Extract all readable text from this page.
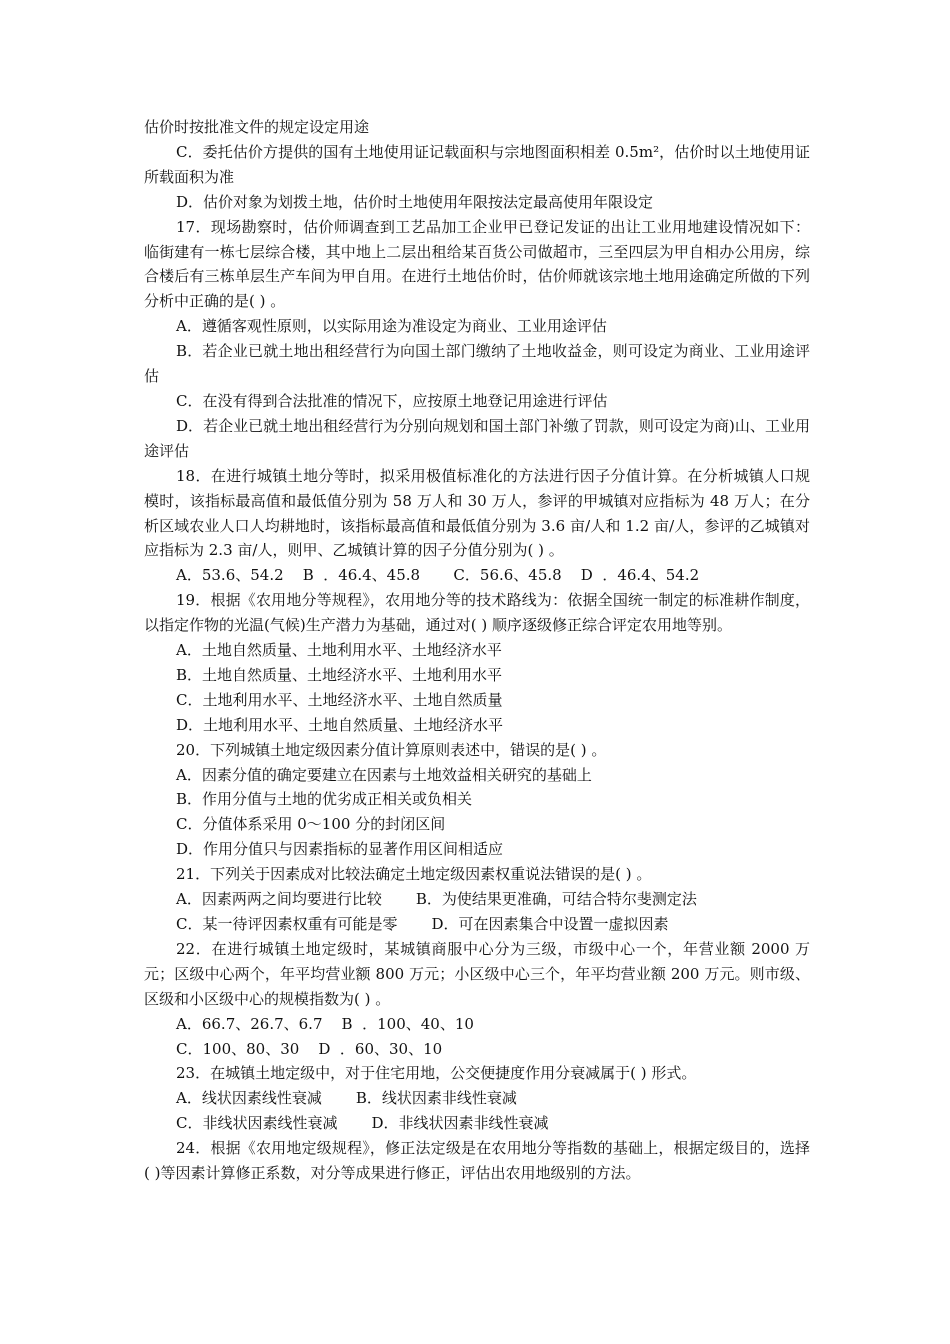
估价时按批准文件的规定设定用途

C．委托估价方提供的国有土地使用证记载面积与宗地图面积相差 0.5m²，估价时以土地使用证所载面积为准

D．估价对象为划拨土地，估价时土地使用年限按法定最高使用年限设定

17．现场勘察时，估价师调查到工艺品加工企业甲已登记发证的出让工业用地建设情况如下：临街建有一栋七层综合楼，其中地上二层出租给某百货公司做超市，三至四层为甲自相办公用房，综合楼后有三栋单层生产车间为甲自用。在进行土地估价时，估价师就该宗地土地用途确定所做的下列分析中正确的是( ) 。

A．遵循客观性原则，以实际用途为准设定为商业、工业用途评估

B．若企业已就土地出租经营行为向国土部门缴纳了土地收益金，则可设定为商业、工业用途评估

C．在没有得到合法批准的情况下，应按原土地登记用途进行评估

D．若企业已就土地出租经营行为分别向规划和国土部门补缴了罚款，则可设定为商)山、工业用途评估

18．在进行城镇土地分等时，拟采用极值标准化的方法进行因子分值计算。在分析城镇人口规模时，该指标最高值和最低值分别为 58 万人和 30 万人，参评的甲城镇对应指标为 48 万人；在分析区域农业人口人均耕地时，该指标最高值和最低值分别为 3.6 亩/人和 1.2 亩/人，参评的乙城镇对应指标为 2.3 亩/人，则甲、乙城镇计算的因子分值分别为( ) 。

A．53.6、54.2    B  ．46.4、45.8       C．56.6、45.8    D  ．46.4、54.2

19．根据《农用地分等规程》，农用地分等的技术路线为：依据全国统一制定的标准耕作制度，以指定作物的光温(气候)生产潜力为基础，通过对( ) 顺序逐级修正综合评定农用地等别。

A．土地自然质量、土地利用水平、土地经济水平

B．土地自然质量、土地经济水平、土地利用水平

C．土地利用水平、土地经济水平、土地自然质量

D．土地利用水平、土地自然质量、土地经济水平

20．下列城镇土地定级因素分值计算原则表述中，错误的是( ) 。

A．因素分值的确定要建立在因素与土地效益相关研究的基础上

B．作用分值与土地的优劣成正相关或负相关

C．分值体系采用 0～100 分的封闭区间

D．作用分值只与因素指标的显著作用区间相适应

21．下列关于因素成对比较法确定土地定级因素权重说法错误的是( ) 。

A．因素两两之间均要进行比较 B．为使结果更准确，可结合特尔斐测定法
C．某一待评因素权重有可能是零 D．可在因素集合中设置一虚拟因素

22．在进行城镇土地定级时，某城镇商服中心分为三级，市级中心一个，年营业额 2000 万元；区级中心两个，年平均营业额 800 万元；小区级中心三个，年平均营业额 200 万元。则市级、区级和小区级中心的规模指数为( ) 。

A．66.7、26.7、6.7    B  ．100、40、10
C．100、80、30    D  ．60、30、10

23．在城镇土地定级中，对于住宅用地，公交便捷度作用分衰减属于( ) 形式。

A．线状因素线性衰减 B．线状因素非线性衰减
C．非线状因素线性衰减 D．非线状因素非线性衰减

24．根据《农用地定级规程》，修正法定级是在农用地分等指数的基础上，根据定级目的，选择 ( )等因素计算修正系数，对分等成果进行修正，评估出农用地级别的方法。
